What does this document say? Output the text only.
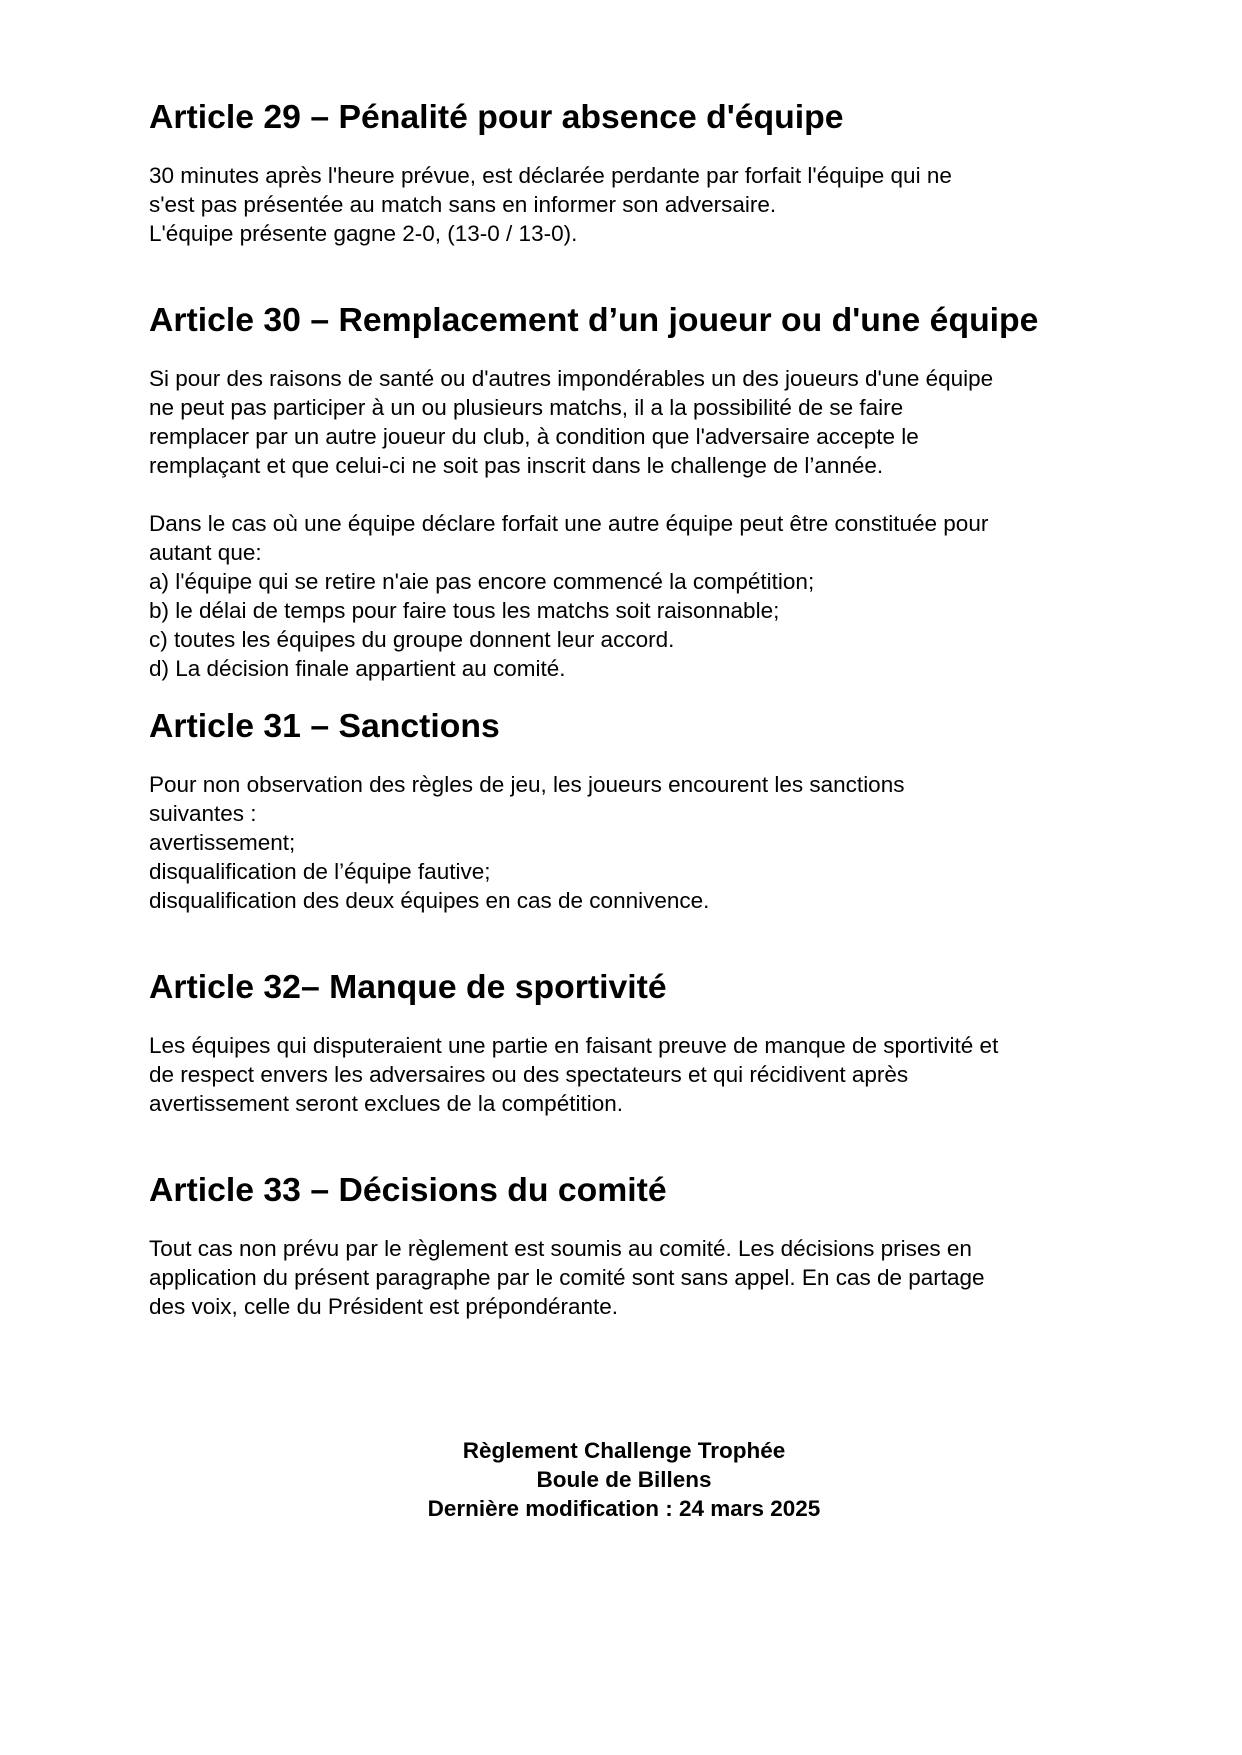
Article 29 – Pénalité pour absence d'équipe

30 minutes après l'heure prévue, est déclarée perdante par forfait l'équipe qui ne
s'est pas présentée au match sans en informer son adversaire.
L'équipe présente gagne 2-0, (13-0 / 13-0).

Article 30 – Remplacement d’un joueur ou d'une équipe

Si pour des raisons de santé ou d'autres impondérables un des joueurs d'une équipe
ne peut pas participer à un ou plusieurs matchs, il a la possibilité de se faire
remplacer par un autre joueur du club, à condition que l'adversaire accepte le
remplaçant et que celui-ci ne soit pas inscrit dans le challenge de l’année.

Dans le cas où une équipe déclare forfait une autre équipe peut être constituée pour
autant que:
a) l'équipe qui se retire n'aie pas encore commencé la compétition;
b) le délai de temps pour faire tous les matchs soit raisonnable;
c) toutes les équipes du groupe donnent leur accord.
d) La décision finale appartient au comité.

Article 31 – Sanctions

Pour non observation des règles de jeu, les joueurs encourent les sanctions
suivantes :
avertissement;
disqualification de l’équipe fautive;
disqualification des deux équipes en cas de connivence.

Article 32– Manque de sportivité

Les équipes qui disputeraient une partie en faisant preuve de manque de sportivité et
de respect envers les adversaires ou des spectateurs et qui récidivent après
avertissement seront exclues de la compétition.

Article 33 – Décisions du comité

Tout cas non prévu par le règlement est soumis au comité. Les décisions prises en
application du présent paragraphe par le comité sont sans appel. En cas de partage
des voix, celle du Président est prépondérante.

Règlement Challenge Trophée
Boule de Billens
Dernière modification : 24 mars 2025
